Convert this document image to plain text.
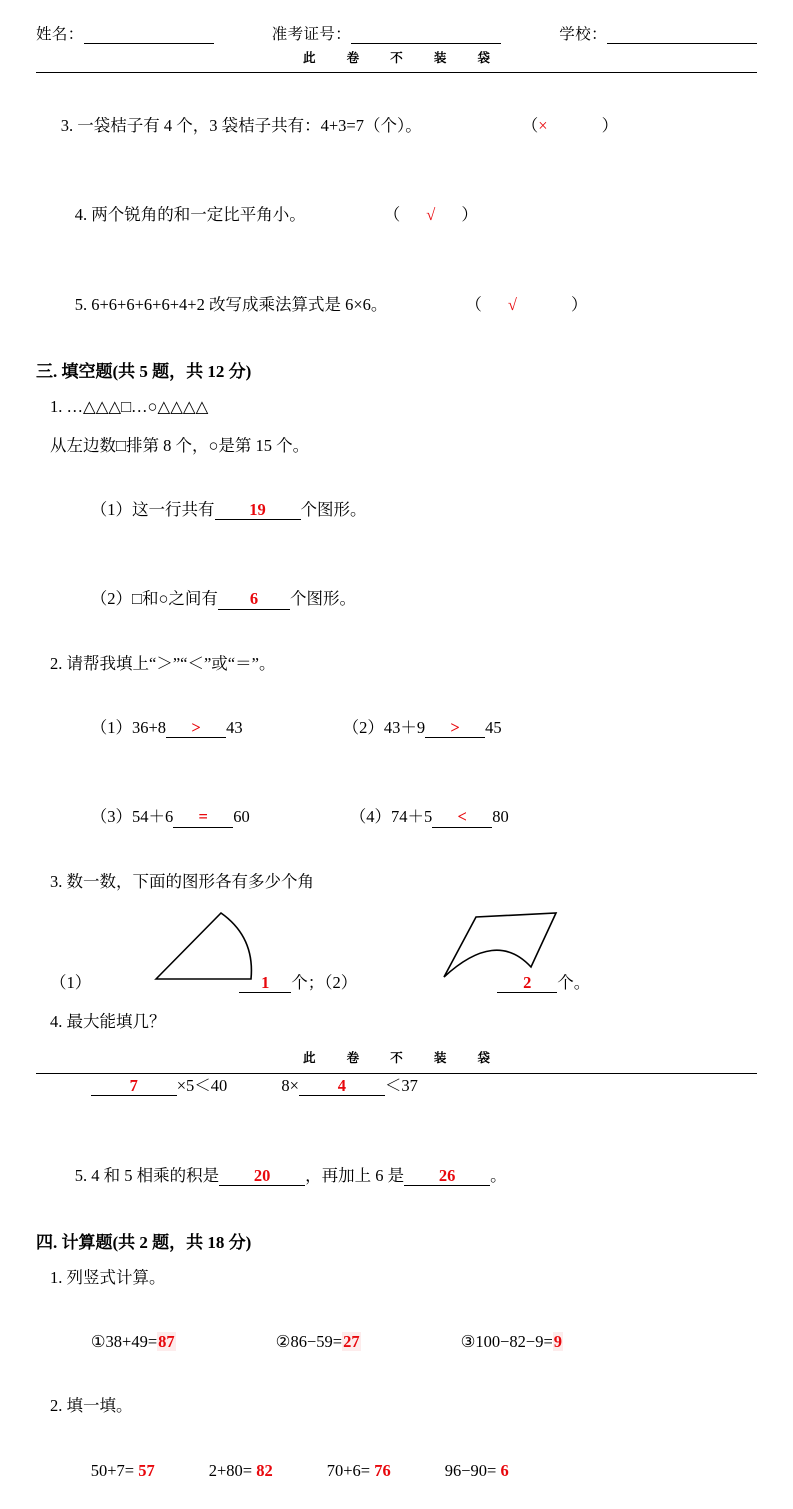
姓名：	准考证号：	学校：
此 卷 不 装 袋

3. 一袋桔子有 4 个，3 袋桔子共有：4+3=7（个）。	（×	）

4. 两个锐角的和一定比平角小。	（ √ ）

5. 6+6+6+6+6+4+2 改写成乘法算式是 6×6。	（ √	）

三. 填空题(共 5 题，共 12 分)

1. …△△△□…○△△△△

从左边数□排第 8 个，○是第 15 个。

（1）这一行共有 19 个图形。

（2）□和○之间有 6 个图形。

2. 请帮我填上“＞”“＜”或“＝”。

（1）36+8 > 43	（2）43＋9 > 45

（3）54＋6 = 60	（4）74＋5 < 80

3. 数一数，下面的图形各有多少个角

（1）	1 个；（2）	2 个。

4. 最大能填几？

7 ×5＜40	8× 4 ＜37

5. 4 和 5 相乘的积是 20 ，再加上 6 是 26 。

四. 计算题(共 2 题，共 18 分)

1. 列竖式计算。

①38+49=87	②86−59=27	③100−82−9=9

2. 填一填。

50+7= 57	2+80= 82	70+6= 76	96−90= 6

此 卷 不 装 袋
